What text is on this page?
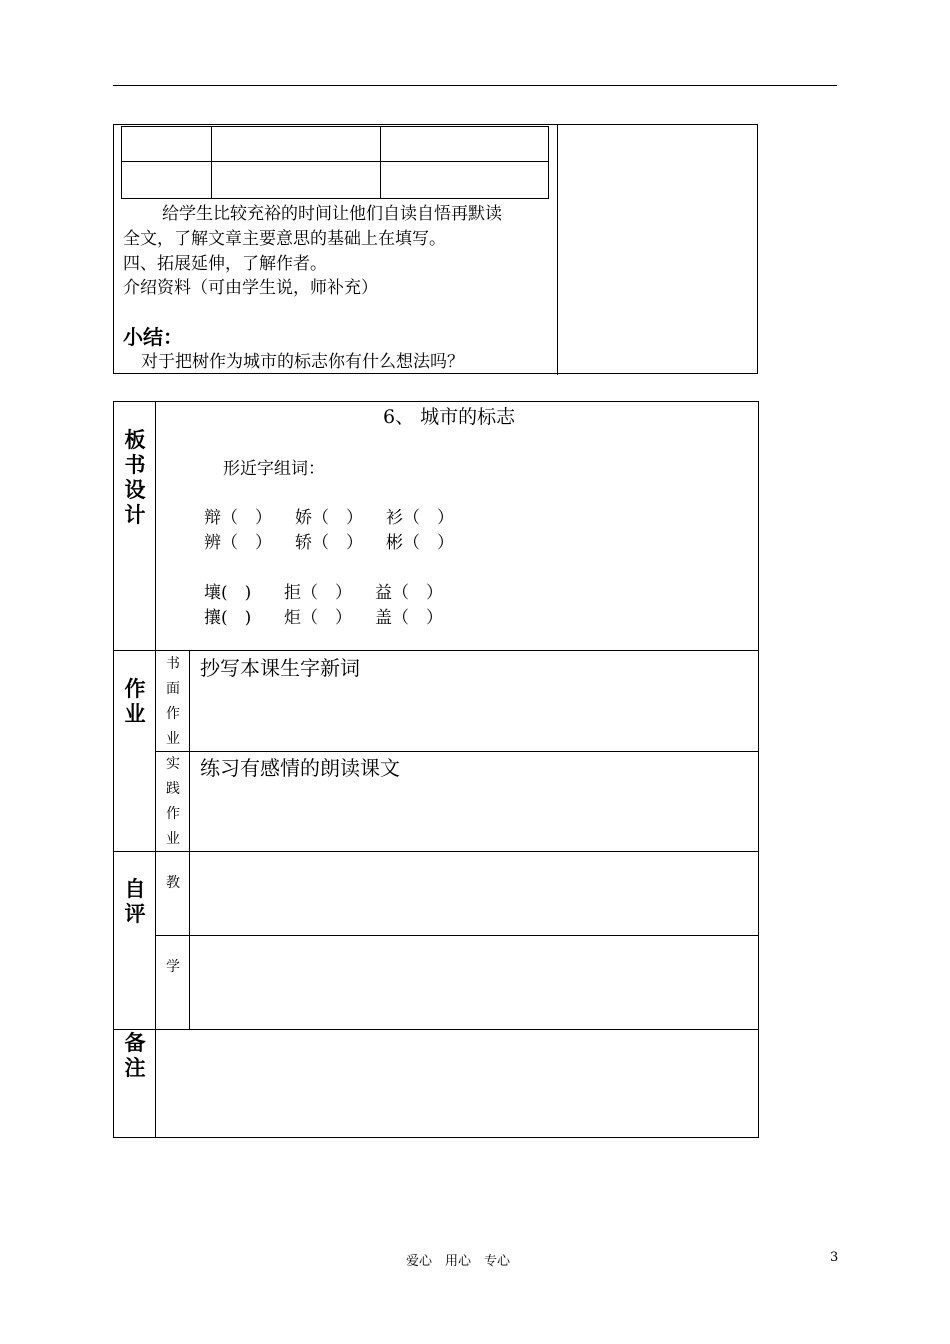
给学生比较充裕的时间让他们自读自悟再默读
全文，了解文章主要意思的基础上在填写。
四、拓展延伸，了解作者。
介绍资料（可由学生说，师补充）
小结：
对于把树作为城市的标志你有什么想法吗？
板
书
设
计
6、 城市的标志
形近字组词：
辩（　） 娇（　） 衫（　）
辨（　） 轿（　） 彬（　）
壤(　) 拒（　） 益（　）
攘(　) 炬（　） 盖（　）
作
业
书
面
作
业
抄写本课生字新词
实
践
作
业
练习有感情的朗读课文
自
评
教
学
备
注
爱心　用心　专心	3
